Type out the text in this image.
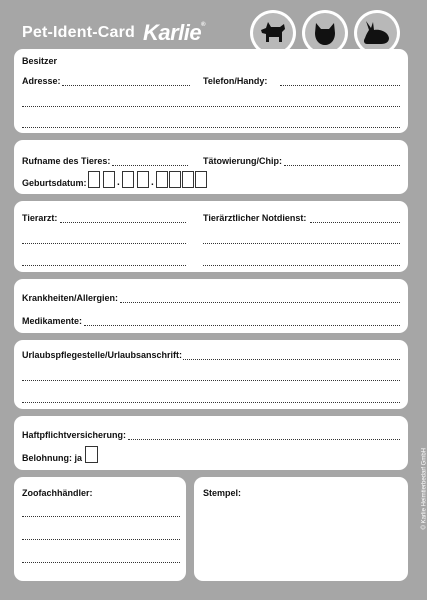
Pet-Ident-Card Karlie®
Besitzer
Adresse:	Telefon/Handy:
Rufname des Tieres:	Tätowierung/Chip:
Geburtsdatum:	.	.
Tierarzt:	Tierärztlicher Notdienst:
Krankheiten/Allergien:
Medikamente:
Urlaubspflegestelle/Urlaubsanschrift:
Haftpflichtversicherung:
Belohnung: ja
Zoofachhändler:	Stempel:	© Karlie Heimtierbedarf GmbH
